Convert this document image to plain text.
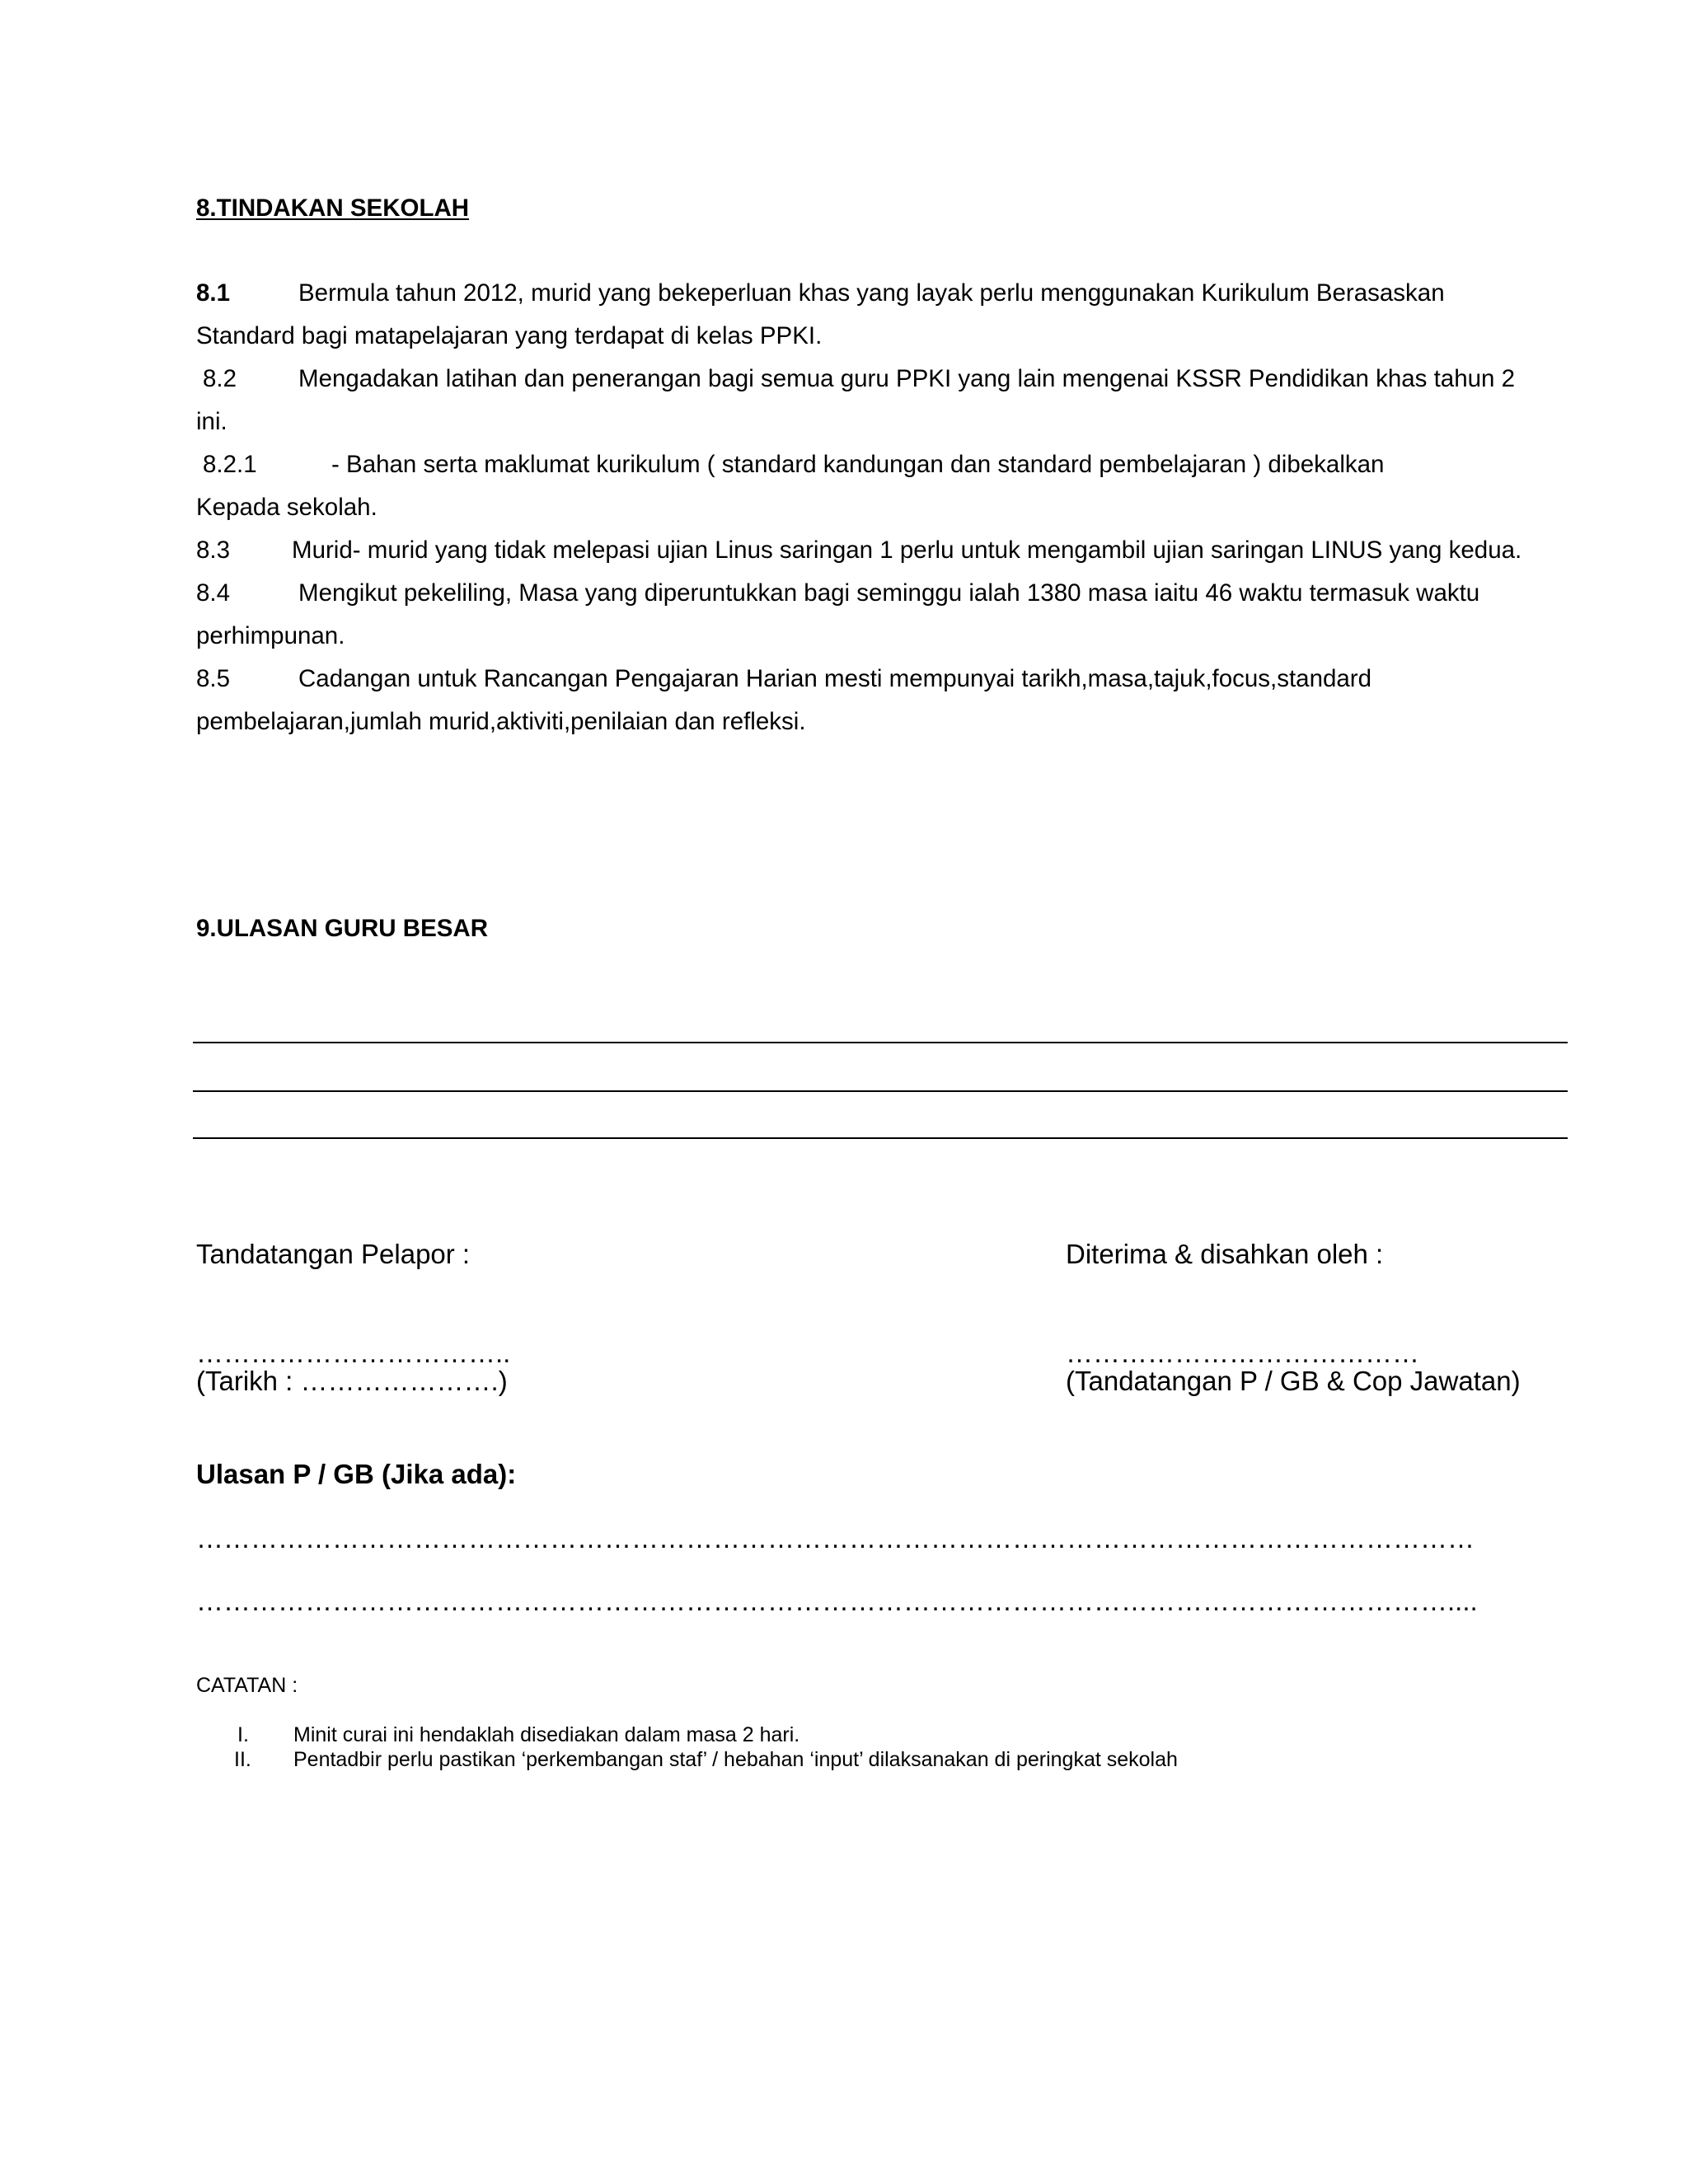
8.TINDAKAN SEKOLAH
8.1	Bermula tahun 2012, murid yang bekeperluan khas yang layak perlu menggunakan Kurikulum Berasaskan
Standard bagi matapelajaran yang terdapat di kelas PPKI.
8.2	Mengadakan latihan dan penerangan bagi semua guru PPKI yang lain mengenai KSSR Pendidikan khas tahun 2
ini.
8.2.1	- Bahan serta maklumat kurikulum ( standard kandungan dan standard pembelajaran ) dibekalkan
Kepada sekolah.
8.3	Murid- murid yang tidak melepasi ujian Linus saringan 1 perlu untuk mengambil ujian saringan LINUS yang kedua.
8.4	Mengikut pekeliling, Masa yang diperuntukkan bagi seminggu ialah 1380 masa iaitu 46 waktu termasuk waktu
perhimpunan.
8.5	Cadangan untuk Rancangan Pengajaran Harian mesti mempunyai tarikh,masa,tajuk,focus,standard
pembelajaran,jumlah murid,aktiviti,penilaian dan refleksi.
9.ULASAN GURU BESAR
Tandatangan Pelapor :	Diterima & disahkan oleh :
……………………………..	…………………………………
(Tarikh : ………………….)	(Tandatangan P / GB & Cop Jawatan)
Ulasan P / GB (Jika ada):
……………………………………………………………………………………………………………………………
…………………………………………………………………………………………………………………………....
CATATAN :
I. Minit curai ini hendaklah disediakan dalam masa 2 hari.
II. Pentadbir perlu pastikan ‘perkembangan staf’ / hebahan ‘input’ dilaksanakan di peringkat sekolah
